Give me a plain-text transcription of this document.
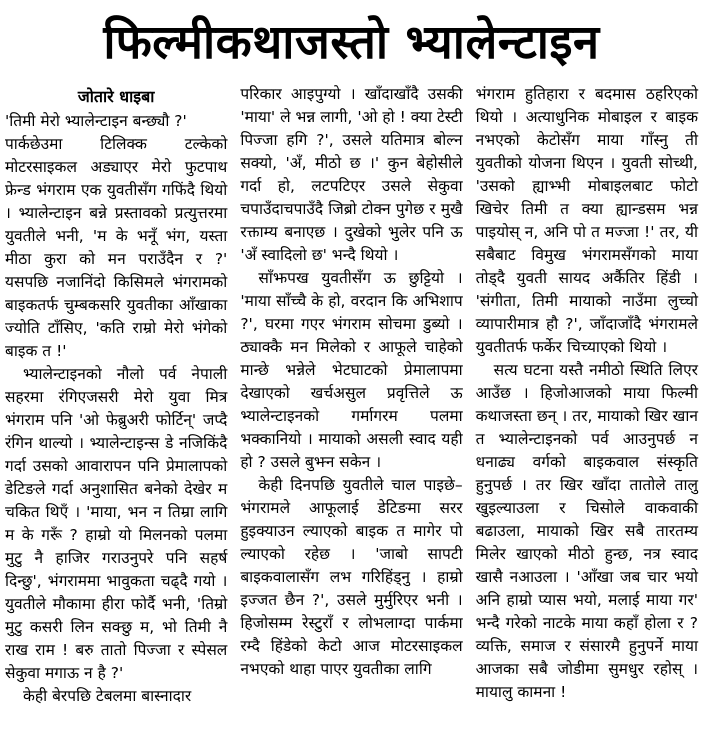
फिल्मीकथाजस्तो भ्यालेन्टाइन
जोतारे धाइबा

'तिमी मेरो भ्यालेन्टाइन बन्छ्यौ ?'

पार्कछेउमा टिलिक्क टल्केको मोटरसाइकल अड्याएर मेरो फुटपाथ फ्रेन्ड भंगराम एक युवतीसँग गफिंदै थियो । भ्यालेन्टाइन बन्ने प्रस्तावको प्रत्युत्तरमा युवतीले भनी, 'म के भनूँ भंग, यस्ता मीठा कुरा को मन पराउँदैन र ?' यसपछि नजानिंदो किसिमले भंगरामको बाइकतर्फ चुम्बकसरि युवतीका आँखाका ज्योति टाँसिए, 'कति राम्रो मेरो भंगेको बाइक त !'

भ्यालेन्टाइनको नौलो पर्व नेपाली सहरमा रंगिएजसरी मेरो युवा मित्र भंगराम पनि 'ओ फेब्रुअरी फोर्टिन्' जप्दै रंगिन थाल्यो । भ्यालेन्टाइन्स डे नजिकिंदै गर्दा उसको आवारापन पनि प्रेमालापको डेटिङले गर्दा अनुशासित बनेको देखेर म चकित थिएँ । 'माया, भन न तिम्रा लागि म के गरूँ ? हाम्रो यो मिलनको पलमा मुटु नै हाजिर गराउनुपरे पनि सहर्ष दिन्छु', भंगराममा भावुकता चढ्दै गयो । युवतीले मौकामा हीरा फोर्दै भनी, 'तिम्रो मुटु कसरी लिन सक्छु म, भो तिमी नै राख राम ! बरु तातो पिज्जा र स्पेसल सेकुवा मगाऊ न है ?'

केही बेरपछि टेबलमा बास्नादार

परिकार आइपुग्यो । खाँदाखाँदै उसकी 'माया' ले भन्न लागी, 'ओ हो ! क्या टेस्टी पिज्जा हगि ?', उसले यतिमात्र बोल्न सक्यो, 'अँ, मीठो छ ।' कुन बेहोसीले गर्दा हो, लटपटिएर उसले सेकुवा चपाउँदाचपाउँदै जिब्रो टोक्न पुगेछ र मुखै रक्ताम्य बनाएछ । दुखेको भुलेर पनि ऊ 'अँ स्वादिलो छ' भन्दै थियो ।

साँझपख युवतीसँग ऊ छुट्टियो । 'माया साँच्चै के हो, वरदान कि अभिशाप ?', घरमा गएर भंगराम सोचमा डुब्यो । ठ्याक्कै मन मिलेको र आफूले चाहेको मान्छे भन्नेले भेटघाटको प्रेमालापमा देखाएको खर्चअसुल प्रवृत्तिले ऊ भ्यालेन्टाइनको गर्मागरम पलमा भक्कानियो । मायाको असली स्वाद यही हो ? उसले बुझ्न सकेन ।

केही दिनपछि युवतीले चाल पाइछे– भंगरामले आफूलाई डेटिङमा सरर हुइक्याउन ल्याएको बाइक त मागेर पो ल्याएको रहेछ । 'जाबो सापटी बाइकवालासँग लभ गरिहिंड्नु । हाम्रो इज्जत छैन ?', उसले मुर्मुरिएर भनी । हिजोसम्म रेस्टुराँ र लोभलाग्दा पार्कमा रम्दै हिंडेको केटो आज मोटरसाइकल नभएको थाहा पाएर युवतीका लागि

भंगराम हुतिहारा र बदमास ठहरिएको थियो । अत्याधुनिक मोबाइल र बाइक नभएको केटोसँग माया गाँस्नु ती युवतीको योजना थिएन । युवती सोच्थी, 'उसको ह्याभ्भी मोबाइलबाट फोटो खिचेर तिमी त क्या ह्यान्डसम भन्न पाइयोस् न, अनि पो त मज्जा !' तर, यी सबैबाट विमुख भंगरामसँगको माया तोड्दै युवती सायद अर्कैतिर हिंडी । 'संगीता, तिमी मायाको नाउँमा लुच्चो व्यापारीमात्र हौ ?', जाँदाजाँदै भंगरामले युवतीतर्फ फर्केर चिच्याएको थियो ।

सत्य घटना यस्तै नमीठो स्थिति लिएर आउँछ । हिजोआजको माया फिल्मी कथाजस्ता छन् । तर, मायाको खिर खान त भ्यालेन्टाइनको पर्व आउनुपर्छ न धनाढ्य वर्गको बाइकवाल संस्कृति हुनुपर्छ । तर खिर खाँदा तातोले तालु खुइल्याउला र चिसोले वाकवाकी बढाउला, मायाको खिर सबै तारतम्य मिलेर खाएको मीठो हुन्छ, नत्र स्वाद खासै नआउला । 'आँखा जब चार भयो अनि हाम्रो प्यास भयो, मलाई माया गर' भन्दै गरेको नाटके माया कहाँ होला र ? व्यक्ति, समाज र संसारमै हुनुपर्ने माया आजका सबै जोडीमा सुमधुर रहोस् । मायालु कामना !
